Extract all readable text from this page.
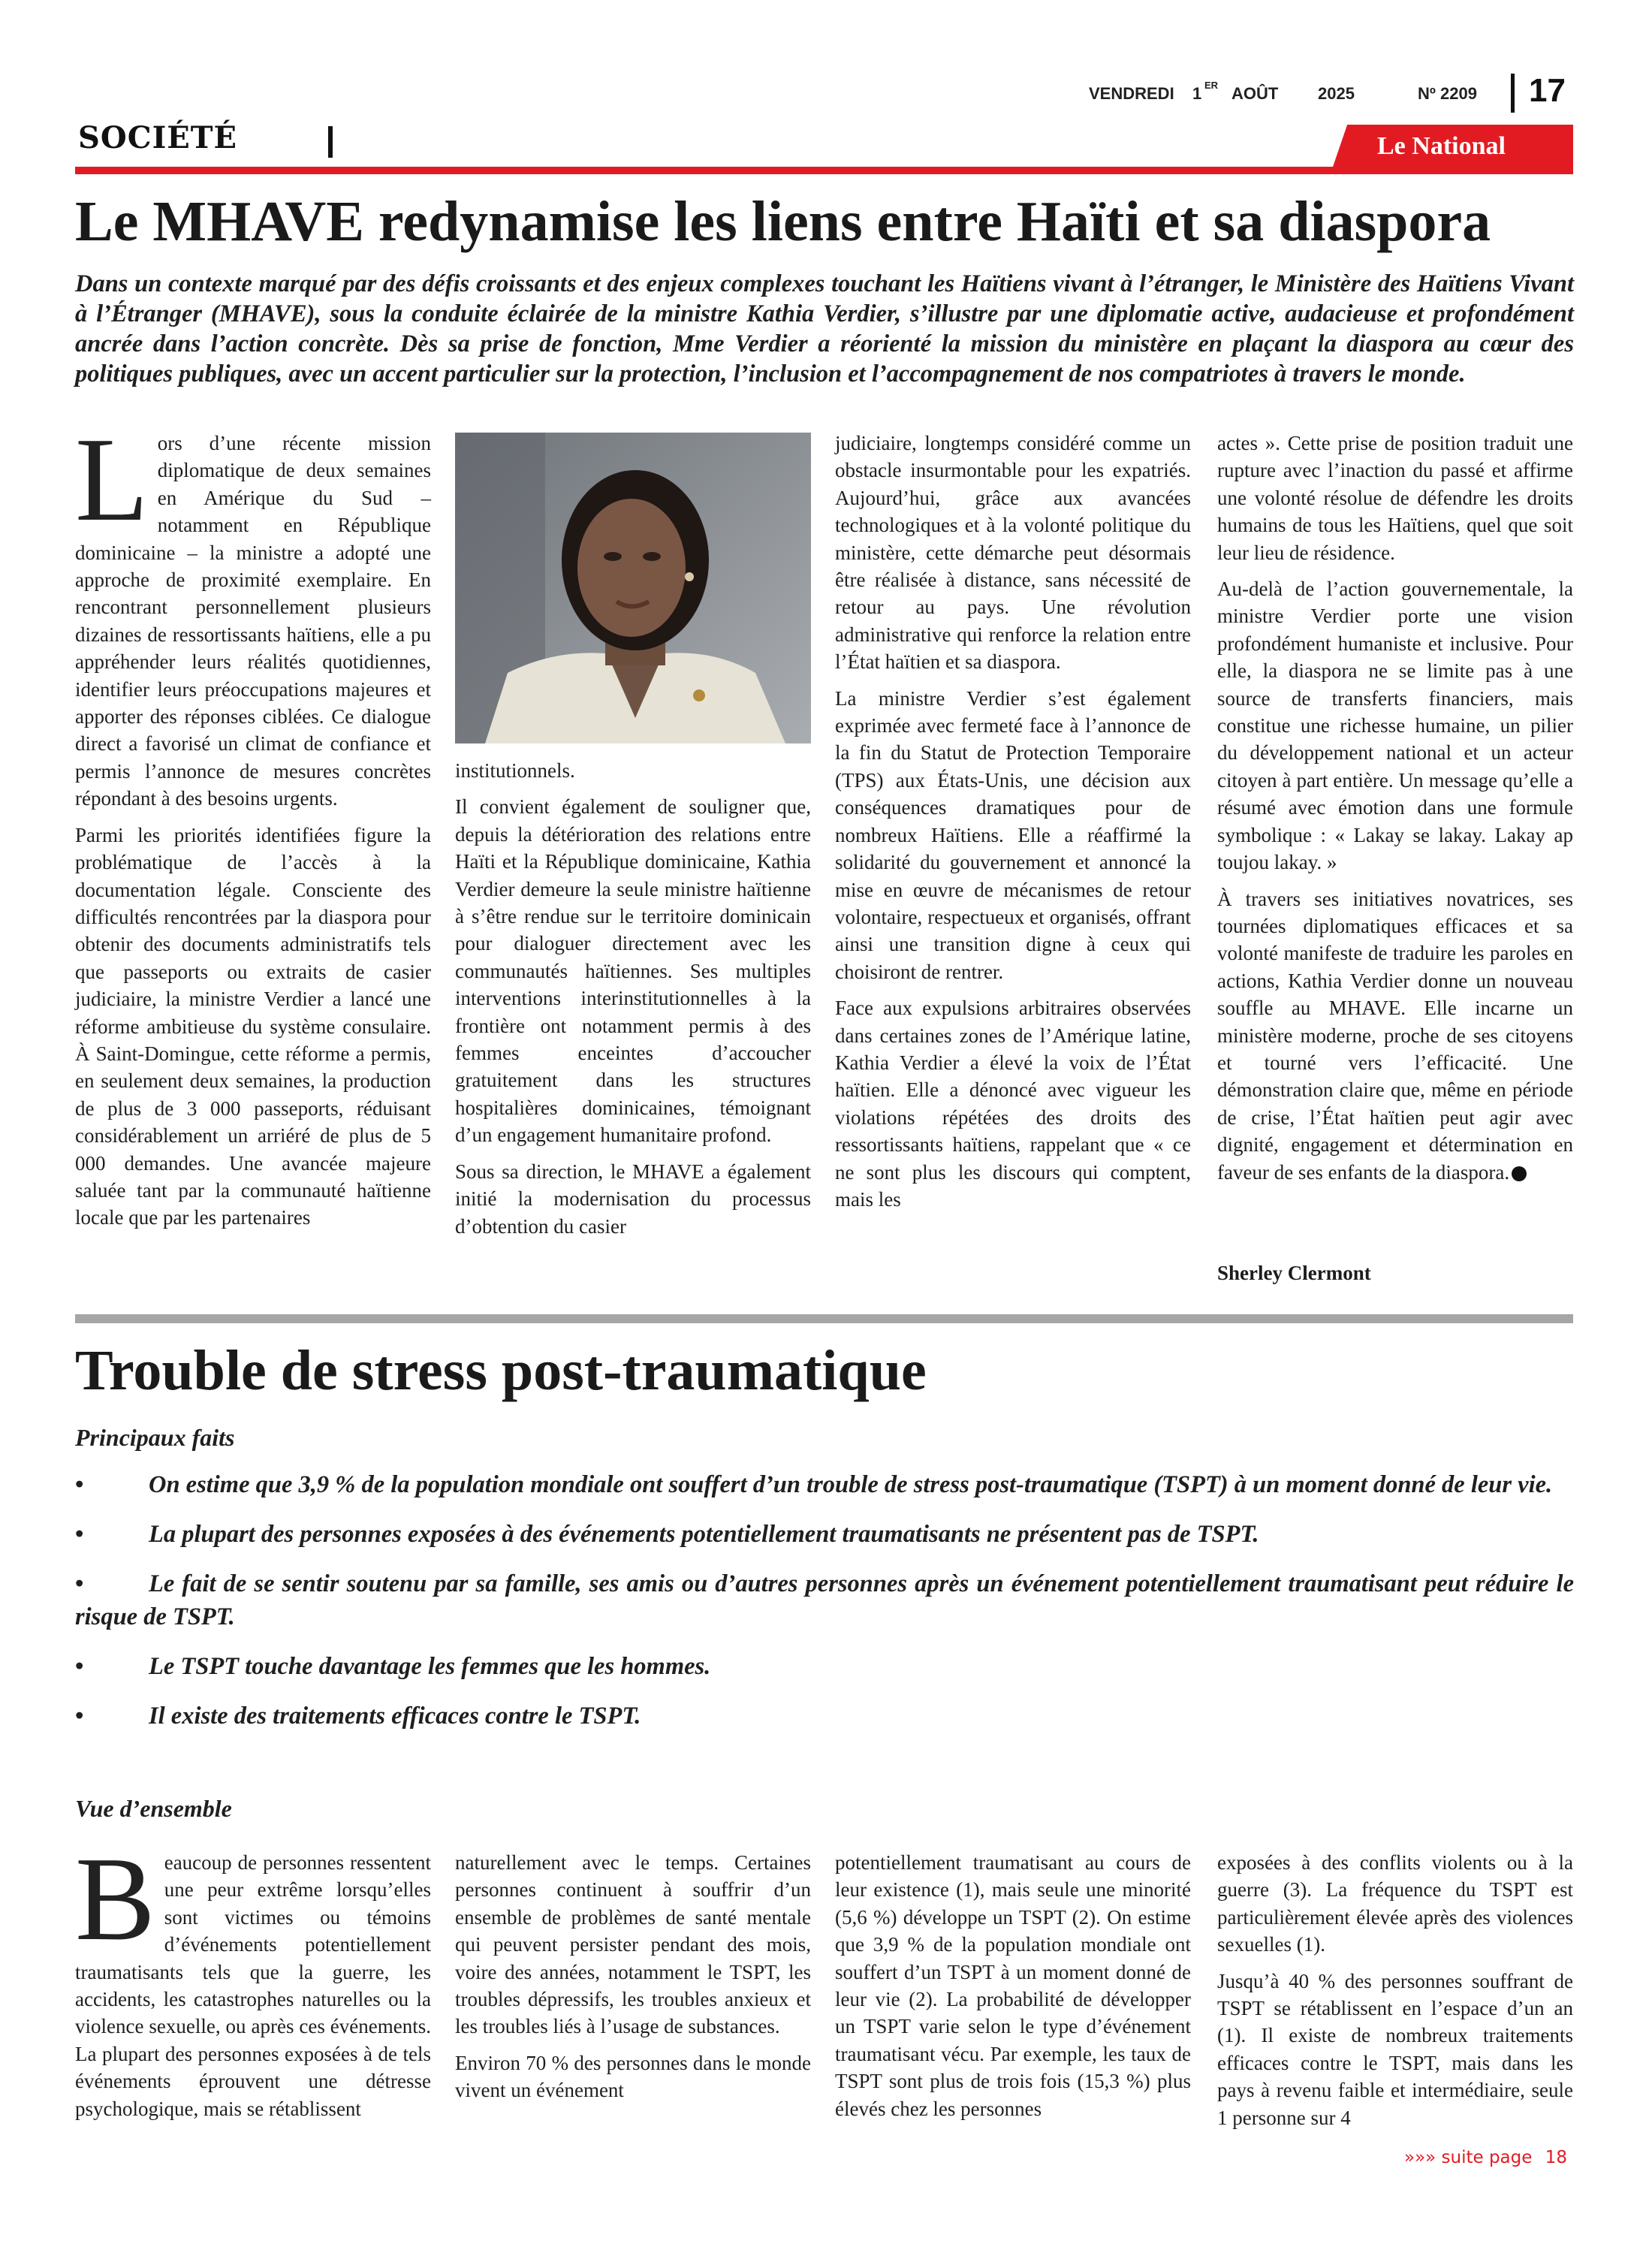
VENDREDI 1 ER AOÛT 2025	Nº 2209 17
SOCIÉTÉ	Le National
Le MHAVE redynamise les liens entre Haïti et sa diaspora
Dans un contexte marqué par des défis croissants et des enjeux complexes touchant les Haïtiens vivant à l’étranger, le Ministère des Haïtiens Vivant à l’Étranger (MHAVE), sous la conduite éclairée de la ministre Kathia Verdier, s’illustre par une diplomatie active, audacieuse et profondément ancrée dans l’action concrète. Dès sa prise de fonction, Mme Verdier a réorienté la mission du ministère en plaçant la diaspora au cœur des politiques publiques, avec un accent particulier sur la protection, l’inclusion et l’accompagnement de nos compatriotes à travers le monde.
L ors d’une récente mission diplomatique de deux semaines en Amérique du Sud – notamment en République dominicaine – la ministre a adopté une approche de proximité exemplaire. En rencontrant personnellement plusieurs dizaines de ressortissants haïtiens, elle a pu appréhender leurs réalités quotidiennes, identifier leurs préoccupations majeures et apporter des réponses ciblées. Ce dialogue direct a favorisé un climat de confiance et permis l’annonce de mesures concrètes répondant à des besoins urgents.

Parmi les priorités identifiées figure la problématique de l’accès à la documentation légale. Consciente des difficultés rencontrées par la diaspora pour obtenir des documents administratifs tels que passeports ou extraits de casier judiciaire, la ministre Verdier a lancé une réforme ambitieuse du système consulaire. À Saint-Domingue, cette réforme a permis, en seulement deux semaines, la production de plus de 3 000 passeports, réduisant considérablement un arriéré de plus de 5 000 demandes. Une avancée majeure saluée tant par la communauté haïtienne locale que par les partenaires

institutionnels.

Il convient également de souligner que, depuis la détérioration des relations entre Haïti et la République dominicaine, Kathia Verdier demeure la seule ministre haïtienne à s’être rendue sur le territoire dominicain pour dialoguer directement avec les communautés haïtiennes. Ses multiples interventions interinstitutionnelles à la frontière ont notamment permis à des femmes enceintes d’accoucher gratuitement dans les structures hospitalières dominicaines, témoignant d’un engagement humanitaire profond.

Sous sa direction, le MHAVE a également initié la modernisation du processus d’obtention du casier

judiciaire, longtemps considéré comme un obstacle insurmontable pour les expatriés. Aujourd’hui, grâce aux avancées technologiques et à la volonté politique du ministère, cette démarche peut désormais être réalisée à distance, sans nécessité de retour au pays. Une révolution administrative qui renforce la relation entre l’État haïtien et sa diaspora.

La ministre Verdier s’est également exprimée avec fermeté face à l’annonce de la fin du Statut de Protection Temporaire (TPS) aux États-Unis, une décision aux conséquences dramatiques pour de nombreux Haïtiens. Elle a réaffirmé la solidarité du gouvernement et annoncé la mise en œuvre de mécanismes de retour volontaire, respectueux et organisés, offrant ainsi une transition digne à ceux qui choisiront de rentrer.

Face aux expulsions arbitraires observées dans certaines zones de l’Amérique latine, Kathia Verdier a élevé la voix de l’État haïtien. Elle a dénoncé avec vigueur les violations répétées des droits des ressortissants haïtiens, rappelant que « ce ne sont plus les discours qui comptent, mais les

actes ». Cette prise de position traduit une rupture avec l’inaction du passé et affirme une volonté résolue de défendre les droits humains de tous les Haïtiens, quel que soit leur lieu de résidence.

Au-delà de l’action gouvernementale, la ministre Verdier porte une vision profondément humaniste et inclusive. Pour elle, la diaspora ne se limite pas à une source de transferts financiers, mais constitue une richesse humaine, un pilier du développement national et un acteur citoyen à part entière. Un message qu’elle a résumé avec émotion dans une formule symbolique : « Lakay se lakay. Lakay ap toujou lakay. »

À travers ses initiatives novatrices, ses tournées diplomatiques efficaces et sa volonté manifeste de traduire les paroles en actions, Kathia Verdier donne un nouveau souffle au MHAVE. Elle incarne un ministère moderne, proche de ses citoyens et tourné vers l’efficacité. Une démonstration claire que, même en période de crise, l’État haïtien peut agir avec dignité, engagement et détermination en faveur de ses enfants de la diaspora.

Sherley Clermont
Trouble de stress post-traumatique
Principaux faits
•	On estime que 3,9 % de la population mondiale ont souffert d’un trouble de stress post-traumatique (TSPT) à un moment donné de leur vie.
•	La plupart des personnes exposées à des événements potentiellement traumatisants ne présentent pas de TSPT.
•	Le fait de se sentir soutenu par sa famille, ses amis ou d’autres personnes après un événement potentiellement traumatisant peut réduire le risque de TSPT.
•	Le TSPT touche davantage les femmes que les hommes.
•	Il existe des traitements efficaces contre le TSPT.
Vue d’ensemble
B eaucoup de personnes ressentent une peur extrême lorsqu’elles sont victimes ou témoins d’événements potentiellement traumatisants tels que la guerre, les accidents, les catastrophes naturelles ou la violence sexuelle, ou après ces événements. La plupart des personnes exposées à de tels événements éprouvent une détresse psychologique, mais se rétablissent

naturellement avec le temps. Certaines personnes continuent à souffrir d’un ensemble de problèmes de santé mentale qui peuvent persister pendant des mois, voire des années, notamment le TSPT, les troubles dépressifs, les troubles anxieux et les troubles liés à l’usage de substances.

Environ 70 % des personnes dans le monde vivent un événement

potentiellement traumatisant au cours de leur existence (1), mais seule une minorité (5,6 %) développe un TSPT (2). On estime que 3,9 % de la population mondiale ont souffert d’un TSPT à un moment donné de leur vie (2). La probabilité de développer un TSPT varie selon le type d’événement traumatisant vécu. Par exemple, les taux de TSPT sont plus de trois fois (15,3 %) plus élevés chez les personnes

exposées à des conflits violents ou à la guerre (3). La fréquence du TSPT est particulièrement élevée après des violences sexuelles (1).

Jusqu’à 40 % des personnes souffrant de TSPT se rétablissent en l’espace d’un an (1). Il existe de nombreux traitements efficaces contre le TSPT, mais dans les pays à revenu faible et intermédiaire, seule 1 personne sur 4

»»» suite page 18
